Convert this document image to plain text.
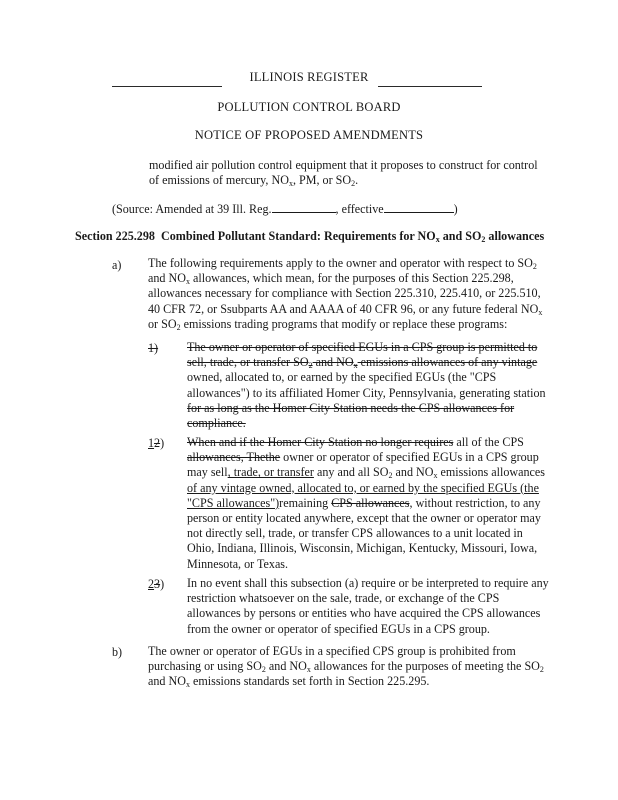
ILLINOIS REGISTER
POLLUTION CONTROL BOARD
NOTICE OF PROPOSED AMENDMENTS

modified air pollution control equipment that it proposes to construct for control

of emissions of mercury, $NO_x$, PM, or $SO_2$.

(Source: Amended at 39 Ill. Reg.	, effective	)
Section 225.298 Combined Pollutant Standard: Requirements for $NO_x$ and $SO_2$ allowances
a) The following requirements apply to the owner and operator with respect to $SO_2$

and $NO_x$ allowances, which mean, for the purposes of this Section 225.298,

allowances necessary for compliance with Section 225.310, 225.410, or 225.510,

40 CFR 72, or Ssubparts AA and AAAA of 40 CFR 96, or any future federal $NO_x$

or $SO_2$ emissions trading programs that modify or replace these programs:

1) The owner or operator of specified EGUs in a CPS group is permitted to

sell, trade, or transfer $SO_2$ and $NO_x$ emissions allowances of any vintage

owned, allocated to, or earned by the specified EGUs (the "CPS

allowances") to its affiliated Homer City, Pennsylvania, generating station

for as long as the Homer City Station needs the CPS allowances for

compliance.

12) When and if the Homer City Station no longer requires all of the CPS

allowances, Thethe owner or operator of specified EGUs in a CPS group

may sell, trade, or transfer any and all $SO_2$ and $NO_x$ emissions allowances

of any vintage owned, allocated to, or earned by the specified EGUs (the

"CPS allowances")remaining CPS allowances, without restriction, to any

person or entity located anywhere, except that the owner or operator may

not directly sell, trade, or transfer CPS allowances to a unit located in

Ohio, Indiana, Illinois, Wisconsin, Michigan, Kentucky, Missouri, Iowa,

Minnesota, or Texas.

23) In no event shall this subsection (a) require or be interpreted to require any

restriction whatsoever on the sale, trade, or exchange of the CPS

allowances by persons or entities who have acquired the CPS allowances

from the owner or operator of specified EGUs in a CPS group.

b) The owner or operator of EGUs in a specified CPS group is prohibited from

purchasing or using $SO_2$ and $NO_x$ allowances for the purposes of meeting the $SO_2$

and $NO_x$ emissions standards set forth in Section 225.295.
